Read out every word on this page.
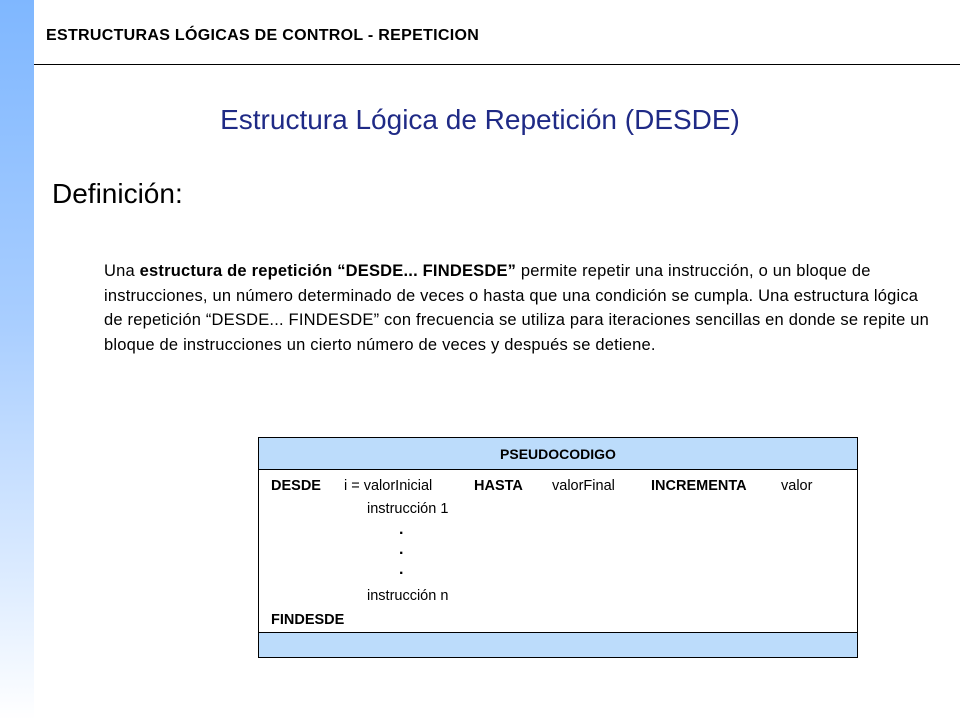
ESTRUCTURAS LÓGICAS DE CONTROL - REPETICION
Estructura Lógica de Repetición (DESDE)
Definición:
Una estructura de repetición “DESDE... FINDESDE” permite repetir una instrucción, o un bloque de instrucciones, un número determinado de veces o hasta que una condición se cumpla. Una estructura lógica de repetición “DESDE... FINDESDE” con frecuencia se utiliza para iteraciones sencillas en donde se repite un bloque de instrucciones un cierto número de veces y después se detiene.
PSEUDOCODIGO
DESDE i = valorInicial	HASTA valorFinal INCREMENTA valor
instrucción 1
.
.
.
instrucción n
FINDESDE
